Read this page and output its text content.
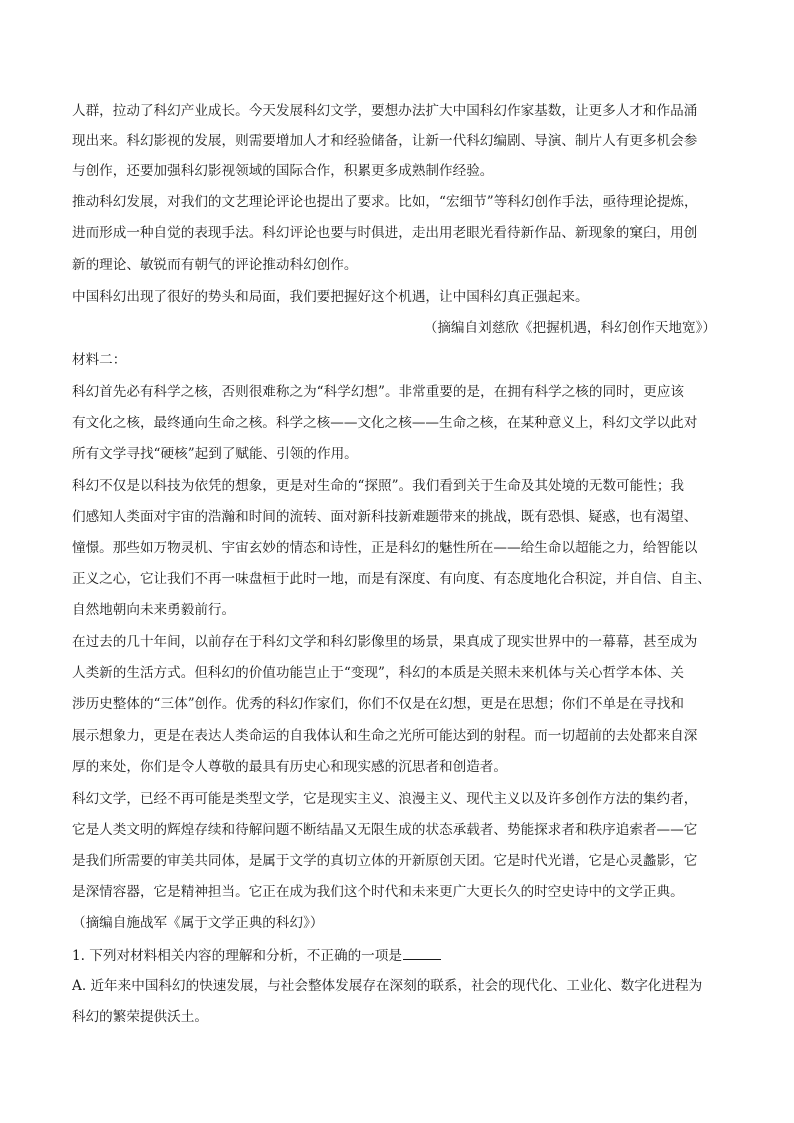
人群，拉动了科幻产业成长。今天发展科幻文学，要想办法扩大中国科幻作家基数，让更多人才和作品涌
现出来。科幻影视的发展，则需要增加人才和经验储备，让新一代科幻编剧、导演、制片人有更多机会参
与创作，还要加强科幻影视领域的国际合作，积累更多成熟制作经验。
推动科幻发展，对我们的文艺理论评论也提出了要求。比如，“宏细节”等科幻创作手法，亟待理论提炼，
进而形成一种自觉的表现手法。科幻评论也要与时俱进，走出用老眼光看待新作品、新现象的窠臼，用创
新的理论、敏锐而有朝气的评论推动科幻创作。
中国科幻出现了很好的势头和局面，我们要把握好这个机遇，让中国科幻真正强起来。
（摘编自刘慈欣《把握机遇，科幻创作天地宽》）
材料二：
科幻首先必有科学之核，否则很难称之为“科学幻想”。非常重要的是，在拥有科学之核的同时，更应该
有文化之核，最终通向生命之核。科学之核——文化之核——生命之核，在某种意义上，科幻文学以此对
所有文学寻找“硬核”起到了赋能、引领的作用。
科幻不仅是以科技为依凭的想象，更是对生命的“探照”。我们看到关于生命及其处境的无数可能性；我
们感知人类面对宇宙的浩瀚和时间的流转、面对新科技新难题带来的挑战，既有恐惧、疑惑，也有渴望、
憧憬。那些如万物灵机、宇宙玄妙的情态和诗性，正是科幻的魅性所在——给生命以超能之力，给智能以
正义之心，它让我们不再一味盘桓于此时一地，而是有深度、有向度、有态度地化合积淀，并自信、自主、
自然地朝向未来勇毅前行。
在过去的几十年间，以前存在于科幻文学和科幻影像里的场景，果真成了现实世界中的一幕幕，甚至成为
人类新的生活方式。但科幻的价值功能岂止于“变现”，科幻的本质是关照未来机体与关心哲学本体、关
涉历史整体的“三体”创作。优秀的科幻作家们，你们不仅是在幻想，更是在思想；你们不单是在寻找和
展示想象力，更是在表达人类命运的自我体认和生命之光所可能达到的射程。而一切超前的去处都来自深
厚的来处，你们是令人尊敬的最具有历史心和现实感的沉思者和创造者。
科幻文学，已经不再可能是类型文学，它是现实主义、浪漫主义、现代主义以及许多创作方法的集约者，
它是人类文明的辉煌存续和待解问题不断结晶又无限生成的状态承载者、势能探求者和秩序追索者——它
是我们所需要的审美共同体，是属于文学的真切立体的开新原创天团。它是时代光谱，它是心灵蠡影，它
是深情容器，它是精神担当。它正在成为我们这个时代和未来更广大更长久的时空史诗中的文学正典。
（摘编自施战军《属于文学正典的科幻》）
1. 下列对材料相关内容的理解和分析，不正确的一项是
A. 近年来中国科幻的快速发展，与社会整体发展存在深刻的联系，社会的现代化、工业化、数字化进程为
科幻的繁荣提供沃土。
